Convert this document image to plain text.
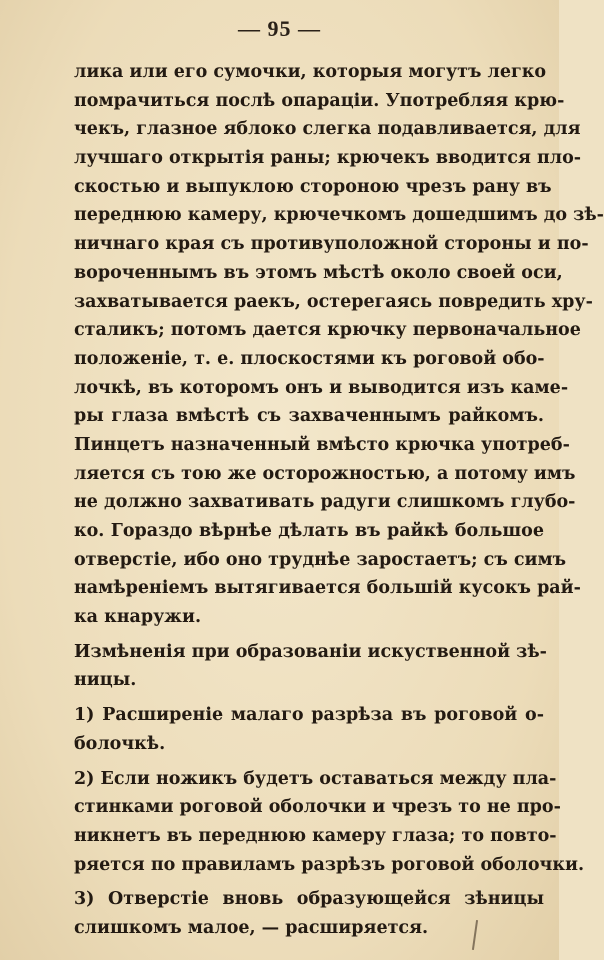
— 95 —
лика или его сумочки, которыя могутъ легко
помрачиться послѣ опараціи. Употребляя крю-
чекъ, глазное яблоко слегка подавливается, для
лучшаго открытія раны; крючекъ вводится пло-
скостью и выпуклою стороною чрезъ рану въ
переднюю камеру, крючечкомъ дошедшимъ до зѣ-
ничнаго края съ противуположной стороны и по-
вороченнымъ въ этомъ мѣстѣ около своей оси,
захватывается раекъ, остерегаясь повредить хру-
сталикъ; потомъ дается крючку первоначальное
положеніе, т. е. плоскостями къ роговой обо-
лочкѣ, въ которомъ онъ и выводится изъ каме-
ры глаза вмѣстѣ съ захваченнымъ райкомъ.
Пинцетъ назначенный вмѣсто крючка употреб-
ляется съ тою же осторожностью, а потому имъ
не должно захвативать радуги слишкомъ глубо-
ко. Гораздо вѣрнѣе дѣлать въ райкѣ большое
отверстіе, ибо оно труднѣе заростаетъ; съ симъ
намѣреніемъ вытягивается большій кусокъ рай-
ка кнаружи.
Измѣненія при образованіи искуственной зѣ-
ницы.
1) Расширеніе малаго разрѣза въ роговой о-
болочкѣ.
2) Если ножикъ будетъ оставаться между пла-
стинками роговой оболочки и чрезъ то не про-
никнетъ въ переднюю камеру глаза; то повто-
ряется по правиламъ разрѣзъ роговой оболочки.
3) Отверстіе вновь образующейся зѣницы
слишкомъ малое, — расширяется.
